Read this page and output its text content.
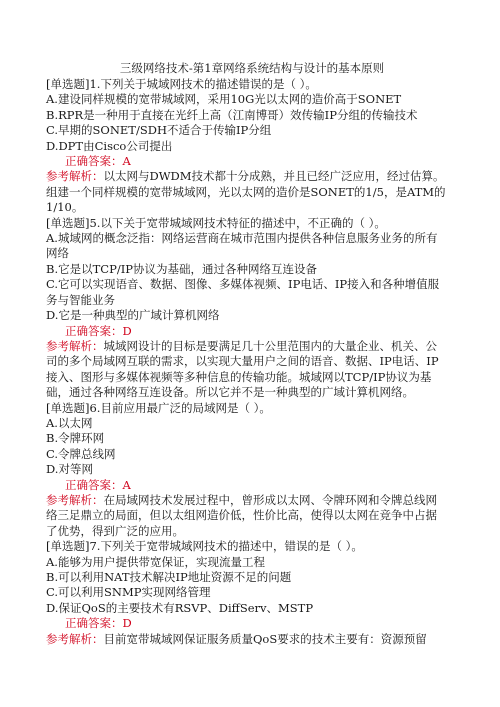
三级网络技术-第1章网络系统结构与设计的基本原则
[单选题]1.下列关于城域网技术的描述错误的是（ ）。
A.建设同样规模的宽带城域网，采用10G光以太网的造价高于SONET
B.RPR是一种用于直接在光纤上高（江南博哥）效传输IP分组的传输技术
C.早期的SONET/SDH不适合于传输IP分组
D.DPT由Cisco公司提出
正确答案：A
参考解析：以太网与DWDM技术都十分成熟，并且已经广泛应用，经过估算。组建一个同样规模的宽带城域网，光以太网的造价是SONET的1/5，是ATM的1/10。
[单选题]5.以下关于宽带城域网技术特征的描述中，不正确的（ ）。
A.城域网的概念泛指：网络运营商在城市范围内提供各种信息服务业务的所有网络
B.它是以TCP/IP协议为基础，通过各种网络互连设备
C.它可以实现语音、数据、图像、多媒体视频、IP电话、IP接入和各种增值服务与智能业务
D.它是一种典型的广域计算机网络
正确答案：D
参考解析：城域网设计的目标是要满足几十公里范围内的大量企业、机关、公司的多个局域网互联的需求，以实现大量用户之间的语音、数据、IP电话、IP接入、图形与多媒体视频等多种信息的传输功能。城域网以TCP/IP协议为基础，通过各种网络互连设备。所以它并不是一种典型的广域计算机网络。
[单选题]6.目前应用最广泛的局域网是（ ）。
A.以太网
B.令牌环网
C.令牌总线网
D.对等网
正确答案：A
参考解析：在局域网技术发展过程中，曾形成以太网、令牌环网和令牌总线网络三足鼎立的局面，但以太组网造价低，性价比高，使得以太网在竞争中占据了优势，得到广泛的应用。
[单选题]7.下列关于宽带城域网技术的描述中，错误的是（ ）。
A.能够为用户提供带宽保证，实现流量工程
B.可以利用NAT技术解决IP地址资源不足的问题
C.可以利用SNMP实现网络管理
D.保证QoS的主要技术有RSVP、DiffServ、MSTP
正确答案：D
参考解析：目前宽带城域网保证服务质量QoS要求的技术主要有：资源预留
